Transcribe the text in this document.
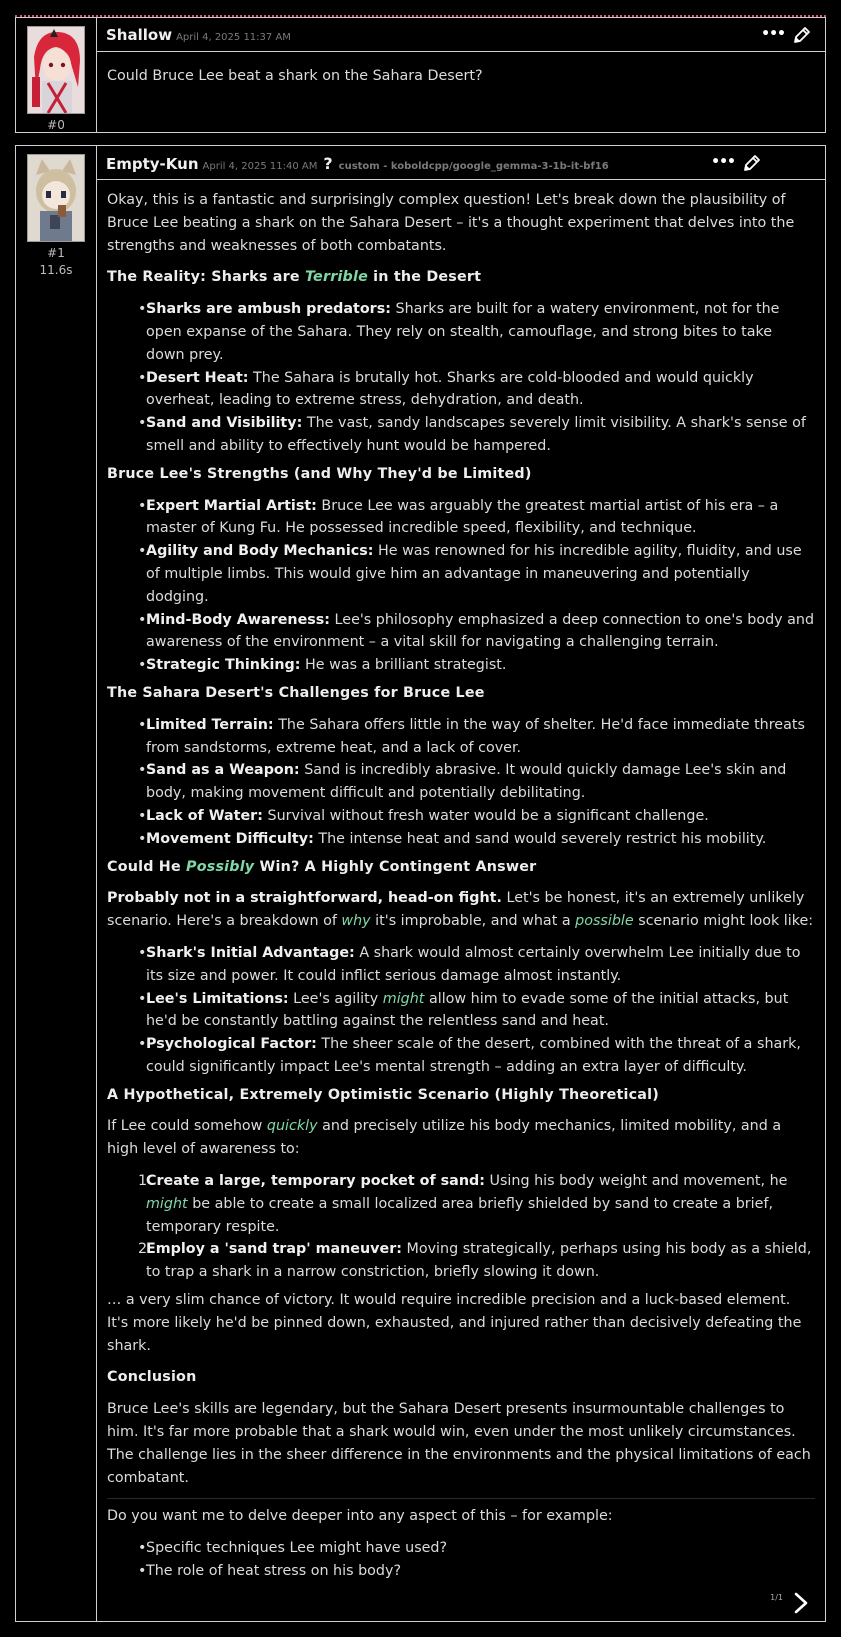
#0
Shallow April 4, 2025 11:37 AM	•••

Could Bruce Lee beat a shark on the Sahara Desert?

#1
11.6s
Empty-Kun April 4, 2025 11:40 AM ? custom - koboldcpp/google_gemma-3-1b-it-bf16	•••

Okay, this is a fantastic and surprisingly complex question! Let's break down the plausibility of Bruce Lee beating a shark on the Sahara Desert – it's a thought experiment that delves into the strengths and weaknesses of both combatants.

The Reality: Sharks are Terrible in the Desert
• Sharks are ambush predators: Sharks are built for a watery environment, not for the open expanse of the Sahara. They rely on stealth, camouflage, and strong bites to take down prey.
• Desert Heat: The Sahara is brutally hot. Sharks are cold-blooded and would quickly overheat, leading to extreme stress, dehydration, and death.
• Sand and Visibility: The vast, sandy landscapes severely limit visibility. A shark's sense of smell and ability to effectively hunt would be hampered.
Bruce Lee's Strengths (and Why They'd be Limited)
• Expert Martial Artist: Bruce Lee was arguably the greatest martial artist of his era – a master of Kung Fu. He possessed incredible speed, flexibility, and technique.
• Agility and Body Mechanics: He was renowned for his incredible agility, fluidity, and use of multiple limbs. This would give him an advantage in maneuvering and potentially dodging.
• Mind-Body Awareness: Lee's philosophy emphasized a deep connection to one's body and awareness of the environment – a vital skill for navigating a challenging terrain.
• Strategic Thinking: He was a brilliant strategist.
The Sahara Desert's Challenges for Bruce Lee
• Limited Terrain: The Sahara offers little in the way of shelter. He'd face immediate threats from sandstorms, extreme heat, and a lack of cover.
• Sand as a Weapon: Sand is incredibly abrasive. It would quickly damage Lee's skin and body, making movement difficult and potentially debilitating.
• Lack of Water: Survival without fresh water would be a significant challenge.
• Movement Difficulty: The intense heat and sand would severely restrict his mobility.
Could He Possibly Win? A Highly Contingent Answer

Probably not in a straightforward, head-on fight. Let's be honest, it's an extremely unlikely scenario. Here's a breakdown of why it's improbable, and what a possible scenario might look like:

• Shark's Initial Advantage: A shark would almost certainly overwhelm Lee initially due to its size and power. It could inflict serious damage almost instantly.
• Lee's Limitations: Lee's agility might allow him to evade some of the initial attacks, but he'd be constantly battling against the relentless sand and heat.
• Psychological Factor: The sheer scale of the desert, combined with the threat of a shark, could significantly impact Lee's mental strength – adding an extra layer of difficulty.
A Hypothetical, Extremely Optimistic Scenario (Highly Theoretical)

If Lee could somehow quickly and precisely utilize his body mechanics, limited mobility, and a high level of awareness to:

1
Create a large, temporary pocket of sand: Using his body weight and movement, he might be able to create a small localized area briefly shielded by sand to create a brief, temporary respite.
2
Employ a 'sand trap' maneuver: Moving strategically, perhaps using his body as a shield, to trap a shark in a narrow constriction, briefly slowing it down.

… a very slim chance of victory. It would require incredible precision and a luck-based element. It's more likely he'd be pinned down, exhausted, and injured rather than decisively defeating the shark.

Conclusion

Bruce Lee's skills are legendary, but the Sahara Desert presents insurmountable challenges to him. It's far more probable that a shark would win, even under the most unlikely circumstances. The challenge lies in the sheer difference in the environments and the physical limitations of each combatant.

Do you want me to delve deeper into any aspect of this – for example:

• Specific techniques Lee might have used?
• The role of heat stress on his body?
1/1
